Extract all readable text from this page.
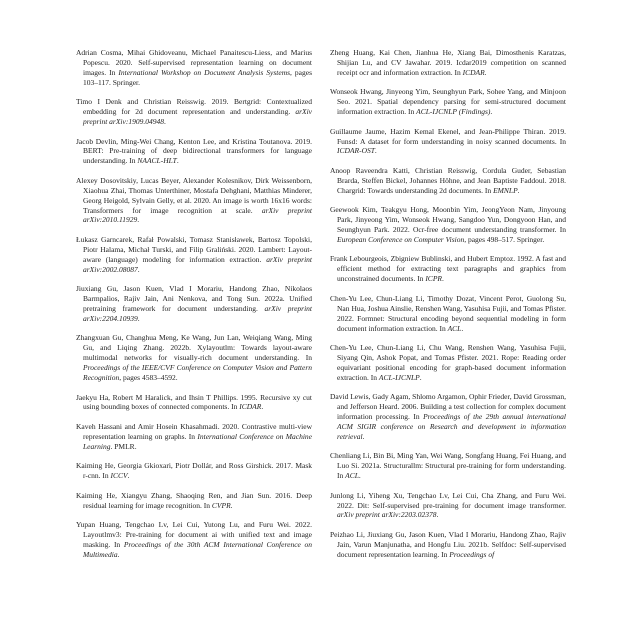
Adrian Cosma, Mihai Ghidoveanu, Michael Panaitescu-Liess, and Marius Popescu. 2020. Self-supervised representation learning on document images. In International Workshop on Document Analysis Systems, pages 103–117. Springer.

Timo I Denk and Christian Reisswig. 2019. Bertgrid: Contextualized embedding for 2d document representation and understanding. arXiv preprint arXiv:1909.04948.

Jacob Devlin, Ming-Wei Chang, Kenton Lee, and Kristina Toutanova. 2019. BERT: Pre-training of deep bidirectional transformers for language understanding. In NAACL-HLT.

Alexey Dosovitskiy, Lucas Beyer, Alexander Kolesnikov, Dirk Weissenborn, Xiaohua Zhai, Thomas Unterthiner, Mostafa Dehghani, Matthias Minderer, Georg Heigold, Sylvain Gelly, et al. 2020. An image is worth 16x16 words: Transformers for image recognition at scale. arXiv preprint arXiv:2010.11929.

Łukasz Garncarek, Rafał Powalski, Tomasz Stanisławek, Bartosz Topolski, Piotr Halama, Michał Turski, and Filip Graliński. 2020. Lambert: Layout-aware (language) modeling for information extraction. arXiv preprint arXiv:2002.08087.

Jiuxiang Gu, Jason Kuen, Vlad I Morariu, Handong Zhao, Nikolaos Barmpalios, Rajiv Jain, Ani Nenkova, and Tong Sun. 2022a. Unified pretraining framework for document understanding. arXiv preprint arXiv:2204.10939.

Zhangxuan Gu, Changhua Meng, Ke Wang, Jun Lan, Weiqiang Wang, Ming Gu, and Liqing Zhang. 2022b. Xylayoutlm: Towards layout-aware multimodal networks for visually-rich document understanding. In Proceedings of the IEEE/CVF Conference on Computer Vision and Pattern Recognition, pages 4583–4592.

Jaekyu Ha, Robert M Haralick, and Ihsin T Phillips. 1995. Recursive xy cut using bounding boxes of connected components. In ICDAR.

Kaveh Hassani and Amir Hosein Khasahmadi. 2020. Contrastive multi-view representation learning on graphs. In International Conference on Machine Learning. PMLR.

Kaiming He, Georgia Gkioxari, Piotr Dollár, and Ross Girshick. 2017. Mask r-cnn. In ICCV.

Kaiming He, Xiangyu Zhang, Shaoqing Ren, and Jian Sun. 2016. Deep residual learning for image recognition. In CVPR.

Yupan Huang, Tengchao Lv, Lei Cui, Yutong Lu, and Furu Wei. 2022. Layoutlmv3: Pre-training for document ai with unified text and image masking. In Proceedings of the 30th ACM International Conference on Multimedia.

Zheng Huang, Kai Chen, Jianhua He, Xiang Bai, Dimosthenis Karatzas, Shijian Lu, and CV Jawahar. 2019. Icdar2019 competition on scanned receipt ocr and information extraction. In ICDAR.

Wonseok Hwang, Jinyeong Yim, Seunghyun Park, Sohee Yang, and Minjoon Seo. 2021. Spatial dependency parsing for semi-structured document information extraction. In ACL-IJCNLP (Findings).

Guillaume Jaume, Hazim Kemal Ekenel, and Jean-Philippe Thiran. 2019. Funsd: A dataset for form understanding in noisy scanned documents. In ICDAR-OST.

Anoop Raveendra Katti, Christian Reisswig, Cordula Guder, Sebastian Brarda, Steffen Bickel, Johannes Höhne, and Jean Baptiste Faddoul. 2018. Chargrid: Towards understanding 2d documents. In EMNLP.

Geewook Kim, Teakgyu Hong, Moonbin Yim, JeongYeon Nam, Jinyoung Park, Jinyeong Yim, Wonseok Hwang, Sangdoo Yun, Dongyoon Han, and Seunghyun Park. 2022. Ocr-free document understanding transformer. In European Conference on Computer Vision, pages 498–517. Springer.

Frank Lebourgeois, Zbigniew Bublinski, and Hubert Emptoz. 1992. A fast and efficient method for extracting text paragraphs and graphics from unconstrained documents. In ICPR.

Chen-Yu Lee, Chun-Liang Li, Timothy Dozat, Vincent Perot, Guolong Su, Nan Hua, Joshua Ainslie, Renshen Wang, Yasuhisa Fujii, and Tomas Pfister. 2022. Formnet: Structural encoding beyond sequential modeling in form document information extraction. In ACL.

Chen-Yu Lee, Chun-Liang Li, Chu Wang, Renshen Wang, Yasuhisa Fujii, Siyang Qin, Ashok Popat, and Tomas Pfister. 2021. Rope: Reading order equivariant positional encoding for graph-based document information extraction. In ACL-IJCNLP.

David Lewis, Gady Agam, Shlomo Argamon, Ophir Frieder, David Grossman, and Jefferson Heard. 2006. Building a test collection for complex document information processing. In Proceedings of the 29th annual international ACM SIGIR conference on Research and development in information retrieval.

Chenliang Li, Bin Bi, Ming Yan, Wei Wang, Songfang Huang, Fei Huang, and Luo Si. 2021a. Structurallm: Structural pre-training for form understanding. In ACL.

Junlong Li, Yiheng Xu, Tengchao Lv, Lei Cui, Cha Zhang, and Furu Wei. 2022. Dit: Self-supervised pre-training for document image transformer. arXiv preprint arXiv:2203.02378.

Peizhao Li, Jiuxiang Gu, Jason Kuen, Vlad I Morariu, Handong Zhao, Rajiv Jain, Varun Manjunatha, and Hongfu Liu. 2021b. Selfdoc: Self-supervised document representation learning. In Proceedings of
